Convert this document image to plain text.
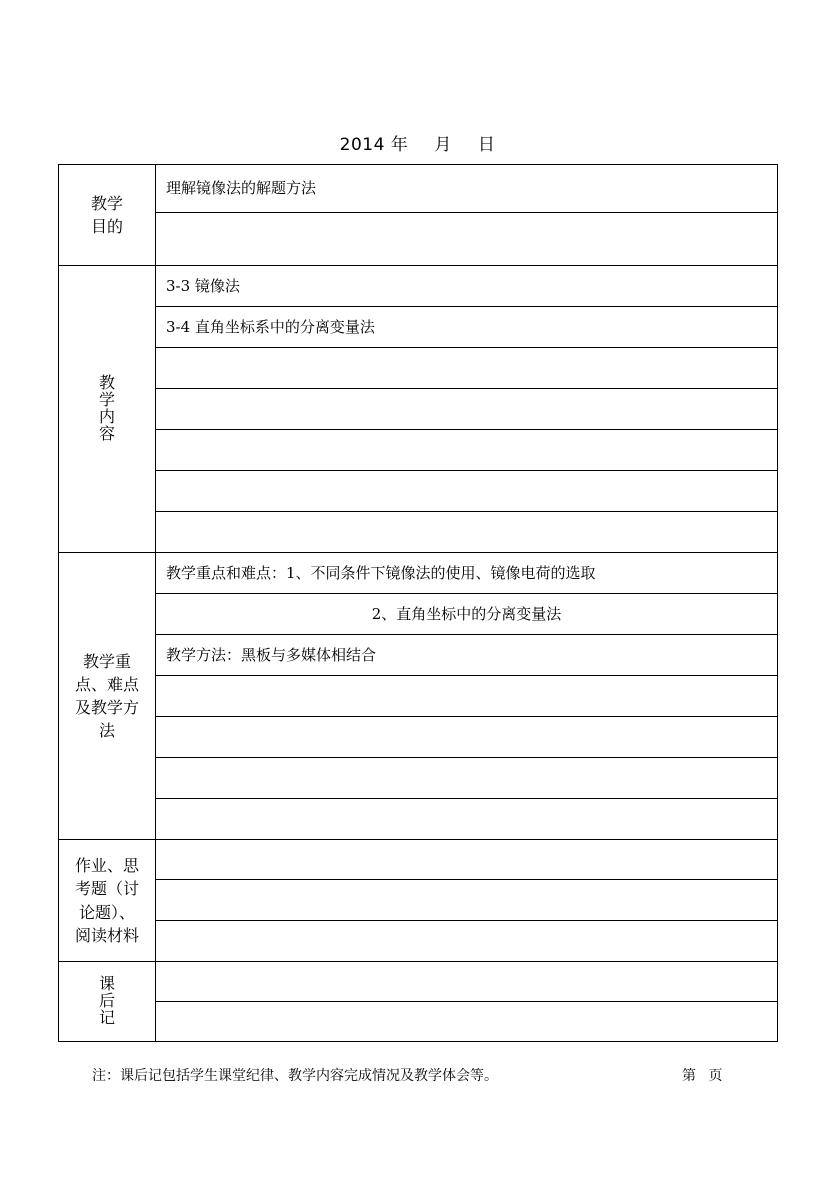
2014 年 月 日
教学目的	理解镜像法的解题方法

教
学
内
容	3-3 镜像法
	3-4 直角坐标系中的分离变量法

教学重点、难点及教学方法	教学重点和难点：1、不同条件下镜像法的使用、镜像电荷的选取
	2、直角坐标中的分离变量法
	教学方法：黑板与多媒体相结合

作业、思考题（讨论题）、阅读材料	

课
后
记	

注：课后记包括学生课堂纪律、教学内容完成情况及教学体会等。	第 页
